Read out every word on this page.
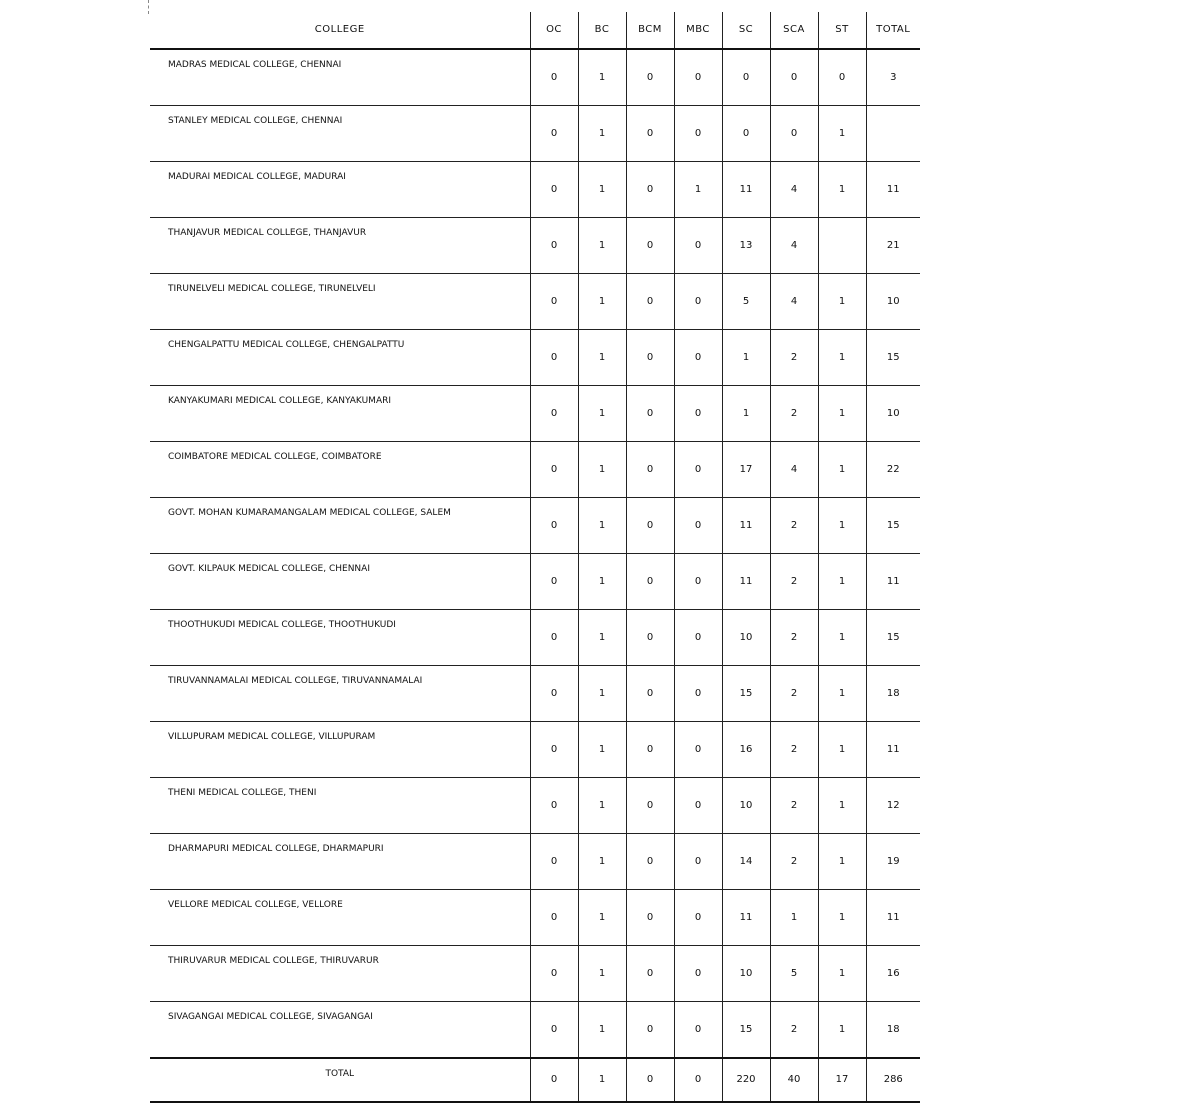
COLLEGE	OC	BC	BCM	MBC	SC	SCA	ST	TOTAL
MADRAS MEDICAL COLLEGE, CHENNAI	0	1	0	0	0	0	0	3
STANLEY MEDICAL COLLEGE, CHENNAI	0	1	0	0	0	0	1	
MADURAI MEDICAL COLLEGE, MADURAI	0	1	0	1	11	4	1	11
THANJAVUR MEDICAL COLLEGE, THANJAVUR	0	1	0	0	13	4		21
TIRUNELVELI MEDICAL COLLEGE, TIRUNELVELI	0	1	0	0	5	4	1	10
CHENGALPATTU MEDICAL COLLEGE, CHENGALPATTU	0	1	0	0	1	2	1	15
KANYAKUMARI MEDICAL COLLEGE, KANYAKUMARI	0	1	0	0	1	2	1	10
COIMBATORE MEDICAL COLLEGE, COIMBATORE	0	1	0	0	17	4	1	22
GOVT. MOHAN KUMARAMANGALAM MEDICAL COLLEGE, SALEM	0	1	0	0	11	2	1	15
GOVT. KILPAUK MEDICAL COLLEGE, CHENNAI	0	1	0	0	11	2	1	11
THOOTHUKUDI MEDICAL COLLEGE, THOOTHUKUDI	0	1	0	0	10	2	1	15
TIRUVANNAMALAI MEDICAL COLLEGE, TIRUVANNAMALAI	0	1	0	0	15	2	1	18
VILLUPURAM MEDICAL COLLEGE, VILLUPURAM	0	1	0	0	16	2	1	11
THENI MEDICAL COLLEGE, THENI	0	1	0	0	10	2	1	12
DHARMAPURI MEDICAL COLLEGE, DHARMAPURI	0	1	0	0	14	2	1	19
VELLORE MEDICAL COLLEGE, VELLORE	0	1	0	0	11	1	1	11
THIRUVARUR MEDICAL COLLEGE, THIRUVARUR	0	1	0	0	10	5	1	16
SIVAGANGAI MEDICAL COLLEGE, SIVAGANGAI	0	1	0	0	15	2	1	18
TOTAL	0	1	0	0	220	40	17	286
